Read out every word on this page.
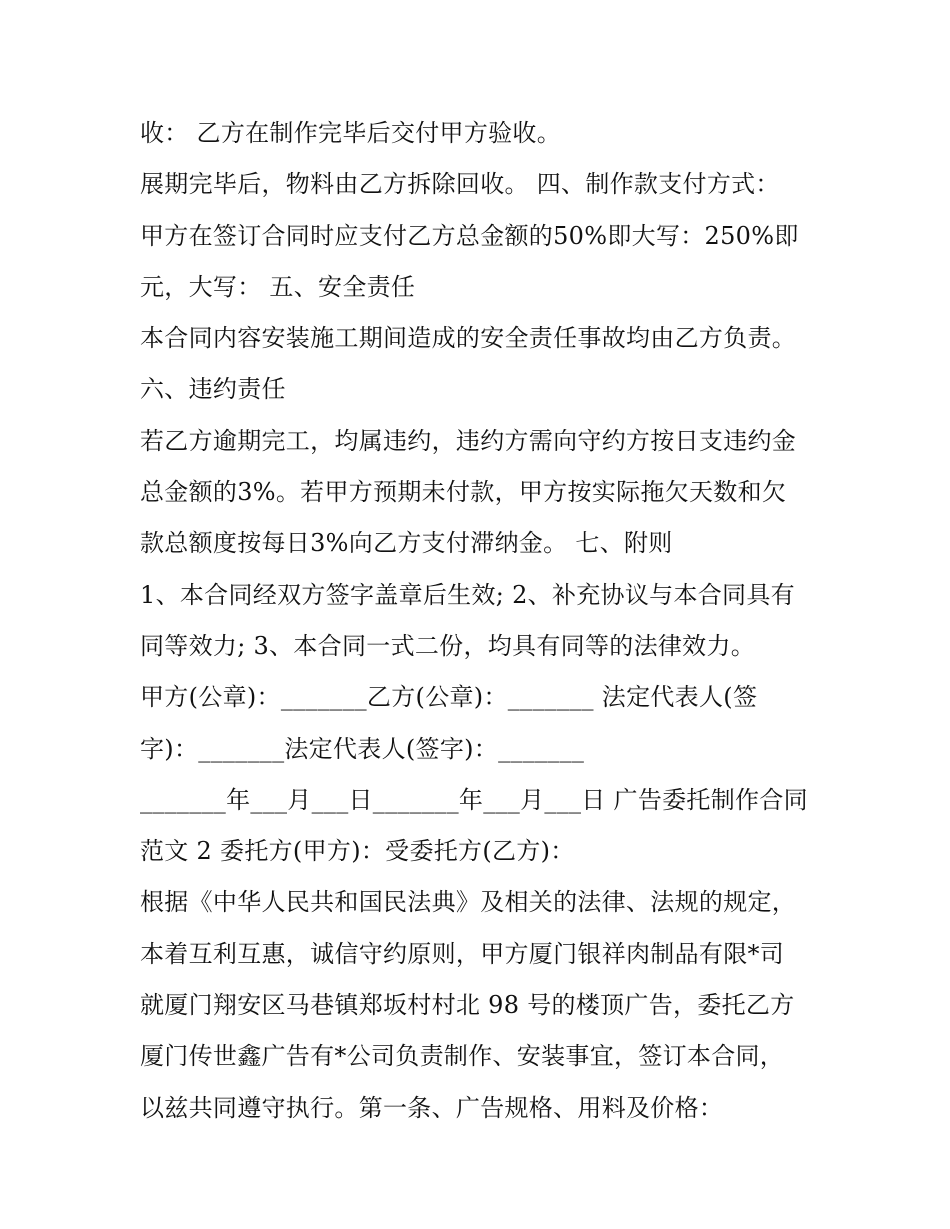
收： 乙方在制作完毕后交付甲方验收。
展期完毕后，物料由乙方拆除回收。 四、制作款支付方式：
甲方在签订合同时应支付乙方总金额的50%即大写：250%即
元，大写： 五、安全责任
本合同内容安装施工期间造成的安全责任事故均由乙方负责。
六、违约责任
若乙方逾期完工，均属违约，违约方需向守约方按日支违约金
总金额的3%。若甲方预期未付款，甲方按实际拖欠天数和欠
款总额度按每日3%向乙方支付滞纳金。 七、附则
1、本合同经双方签字盖章后生效; 2、补充协议与本合同具有
同等效力; 3、本合同一式二份，均具有同等的法律效力。
甲方(公章)：_______乙方(公章)：_______ 法定代表人(签
字)：_______法定代表人(签字)：_______
_______年___月___日_______年___月___日 广告委托制作合同
范文 2 委托方(甲方)：受委托方(乙方)：
根据《中华人民共和国民法典》及相关的法律、法规的规定，
本着互利互惠，诚信守约原则，甲方厦门银祥肉制品有限*司
就厦门翔安区马巷镇郑坂村村北 98 号的楼顶广告，委托乙方
厦门传世鑫广告有*公司负责制作、安装事宜，签订本合同，
以兹共同遵守执行。第一条、广告规格、用料及价格：
